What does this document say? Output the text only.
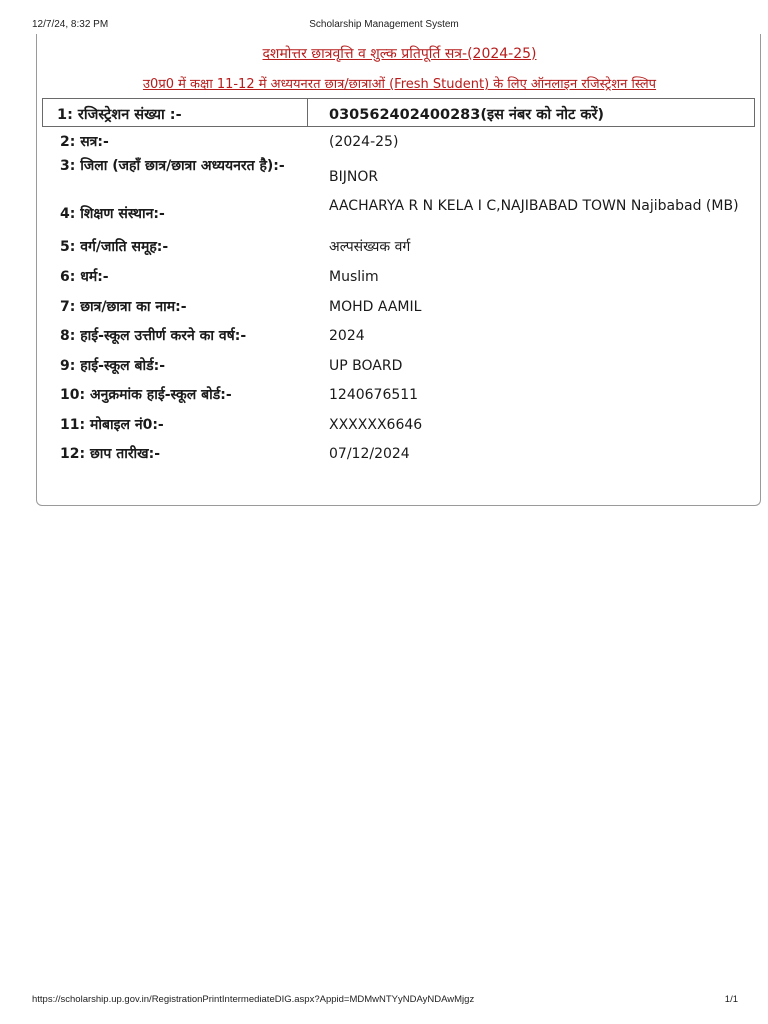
12/7/24, 8:32 PM	Scholarship Management System
दशमोत्तर छात्रवृत्ति व शुल्क प्रतिपूर्ति सत्र-(2024-25)
उ0प्र0 में कक्षा 11-12 में अध्ययनरत छात्र/छात्राओं (Fresh Student) के लिए ऑनलाइन रजिस्ट्रेशन स्लिप
1: रजिस्ट्रेशन संख्या :-	030562402400283(इस नंबर को नोट करें)
2: सत्र:-	(2024-25)
3: जिला (जहाँ छात्र/छात्रा अध्ययनरत है):-
BIJNOR
4: शिक्षण संस्थान:-	AACHARYA R N KELA I C,NAJIBABAD TOWN Najibabad (MB)
5: वर्ग/जाति समूह:-	अल्पसंख्यक वर्ग
6: धर्म:-	Muslim
7: छात्र/छात्रा का नाम:-	MOHD AAMIL
8: हाई-स्कूल उत्तीर्ण करने का वर्ष:-	2024
9: हाई-स्कूल बोर्ड:-	UP BOARD
10: अनुक्रमांक हाई-स्कूल बोर्ड:-	1240676511
11: मोबाइल नं0:-	XXXXXX6646
12: छाप तारीख:-	07/12/2024
https://scholarship.up.gov.in/RegistrationPrintIntermediateDIG.aspx?Appid=MDMwNTYyNDAyNDAwMjgz	1/1
